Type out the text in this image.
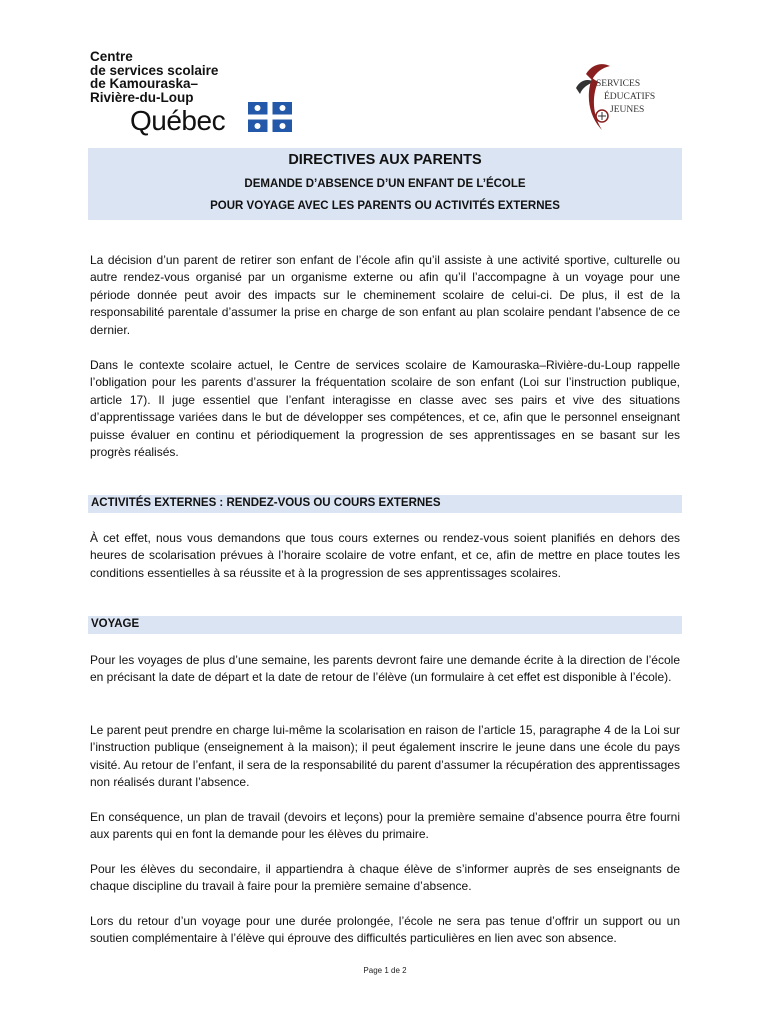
Centre
de services scolaire
de Kamouraska–
Rivière-du-Loup
Québec
SERVICES
ÉDUCATIFS
JEUNES
DIRECTIVES AUX PARENTS
DEMANDE D’ABSENCE D’UN ENFANT DE L’ÉCOLE
POUR VOYAGE AVEC LES PARENTS OU ACTIVITÉS EXTERNES
La décision d’un parent de retirer son enfant de l’école afin qu’il assiste à une activité sportive, culturelle ou autre rendez-vous organisé par un organisme externe ou afin qu’il l’accompagne à un voyage pour une période donnée peut avoir des impacts sur le cheminement scolaire de celui-ci. De plus, il est de la responsabilité parentale d’assumer la prise en charge de son enfant au plan scolaire pendant l’absence de ce dernier.
Dans le contexte scolaire actuel, le Centre de services scolaire de Kamouraska–Rivière-du-Loup rappelle l’obligation pour les parents d’assurer la fréquentation scolaire de son enfant (Loi sur l’instruction publique, article 17). Il juge essentiel que l’enfant interagisse en classe avec ses pairs et vive des situations d’apprentissage variées dans le but de développer ses compétences, et ce, afin que le personnel enseignant puisse évaluer en continu et périodiquement la progression de ses apprentissages en se basant sur les progrès réalisés.
ACTIVITÉS EXTERNES : RENDEZ-VOUS OU COURS EXTERNES
À cet effet, nous vous demandons que tous cours externes ou rendez-vous soient planifiés en dehors des heures de scolarisation prévues à l’horaire scolaire de votre enfant, et ce, afin de mettre en place toutes les conditions essentielles à sa réussite et à la progression de ses apprentissages scolaires.
VOYAGE
Pour les voyages de plus d’une semaine, les parents devront faire une demande écrite à la direction de l’école en précisant la date de départ et la date de retour de l’élève (un formulaire à cet effet est disponible à l’école).
Le parent peut prendre en charge lui-même la scolarisation en raison de l’article 15, paragraphe 4 de la Loi sur l’instruction publique (enseignement à la maison); il peut également inscrire le jeune dans une école du pays visité. Au retour de l’enfant, il sera de la responsabilité du parent d’assumer la récupération des apprentissages non réalisés durant l’absence.
En conséquence, un plan de travail (devoirs et leçons) pour la première semaine d’absence pourra être fourni aux parents qui en font la demande pour les élèves du primaire.
Pour les élèves du secondaire, il appartiendra à chaque élève de s’informer auprès de ses enseignants de chaque discipline du travail à faire pour la première semaine d’absence.
Lors du retour d’un voyage pour une durée prolongée, l’école ne sera pas tenue d’offrir un support ou un soutien complémentaire à l’élève qui éprouve des difficultés particulières en lien avec son absence.
Page 1 de 2
